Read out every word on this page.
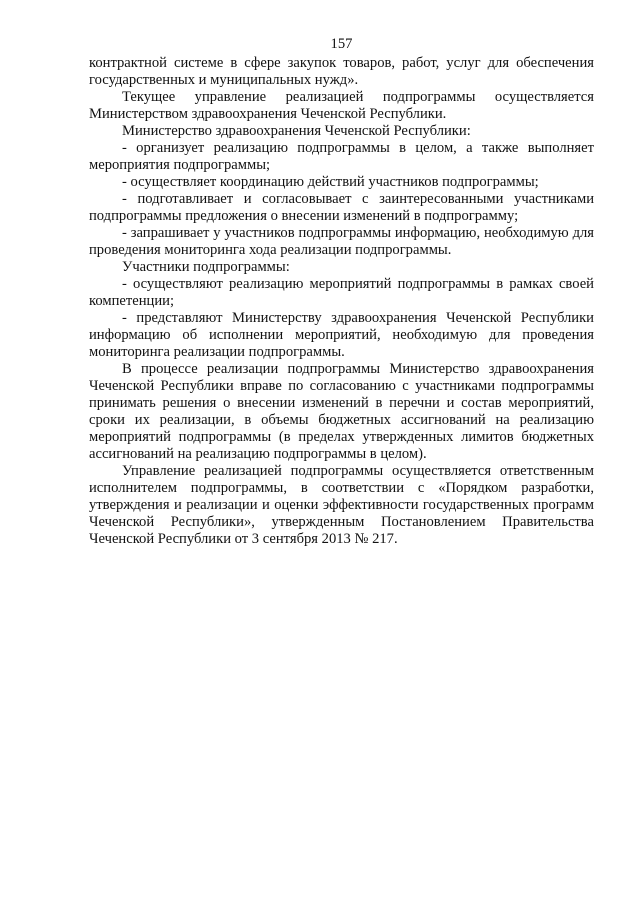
157

контрактной системе в сфере закупок товаров, работ, услуг для обеспечения государственных и муниципальных нужд».

Текущее управление реализацией подпрограммы осуществляется Министерством здравоохранения Чеченской Республики.

Министерство здравоохранения Чеченской Республики:

- организует реализацию подпрограммы в целом, а также выполняет мероприятия подпрограммы;

- осуществляет координацию действий участников подпрограммы;

- подготавливает и согласовывает с заинтересованными участниками подпрограммы предложения о внесении изменений в подпрограмму;

- запрашивает у участников подпрограммы информацию, необходимую для проведения мониторинга хода реализации подпрограммы.

Участники подпрограммы:

- осуществляют реализацию мероприятий подпрограммы в рамках своей компетенции;

- представляют Министерству здравоохранения Чеченской Республики информацию об исполнении мероприятий, необходимую для проведения мониторинга реализации подпрограммы.

В процессе реализации подпрограммы Министерство здравоохранения Чеченской Республики вправе по согласованию с участниками подпрограммы принимать решения о внесении изменений в перечни и состав мероприятий, сроки их реализации, в объемы бюджетных ассигнований на реализацию мероприятий подпрограммы (в пределах утвержденных лимитов бюджетных ассигнований на реализацию подпрограммы в целом).

Управление реализацией подпрограммы осуществляется ответственным исполнителем подпрограммы, в соответствии с «Порядком разработки, утверждения и реализации и оценки эффективности государственных программ Чеченской Республики», утвержденным Постановлением Правительства Чеченской Республики от 3 сентября 2013 № 217.
